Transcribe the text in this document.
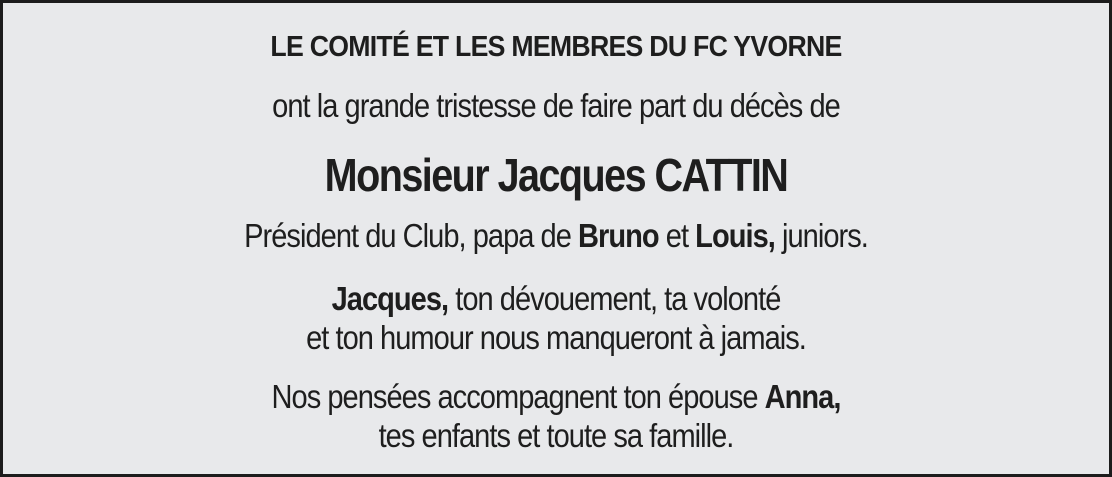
LE COMITÉ ET LES MEMBRES DU FC YVORNE
ont la grande tristesse de faire part du décès de
Monsieur Jacques CATTIN
Président du Club, papa de Bruno et Louis, juniors.
Jacques, ton dévouement, ta volonté
et ton humour nous manqueront à jamais.
Nos pensées accompagnent ton épouse Anna,
tes enfants et toute sa famille.
